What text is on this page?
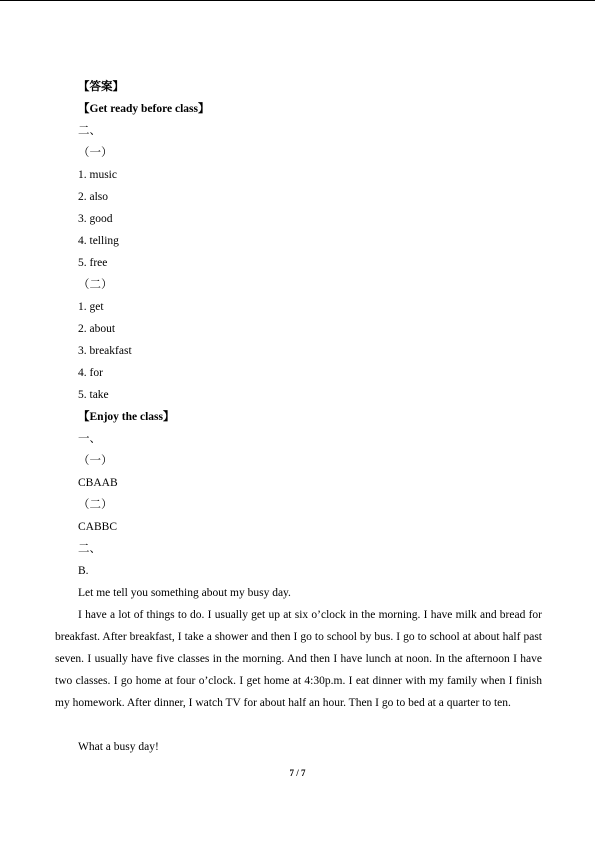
【答案】
【Get ready before class】
二、
（一）
1. music
2. also
3. good
4. telling
5. free
（二）
1. get
2. about
3. breakfast
4. for
5. take
【Enjoy the class】
一、
（一）
CBAAB
（二）
CABBC
二、
B.

Let me tell you something about my busy day.

I have a lot of things to do. I usually get up at six o’clock in the morning. I have milk and bread for breakfast. After breakfast, I take a shower and then I go to school by bus. I go to school at about half past seven. I usually have five classes in the morning. And then I have lunch at noon. In the afternoon I have two classes. I go home at four o’clock. I get home at 4:30p.m. I eat dinner with my family when I finish my homework. After dinner, I watch TV for about half an hour. Then I go to bed at a quarter to ten.

What a busy day!

7 / 7
